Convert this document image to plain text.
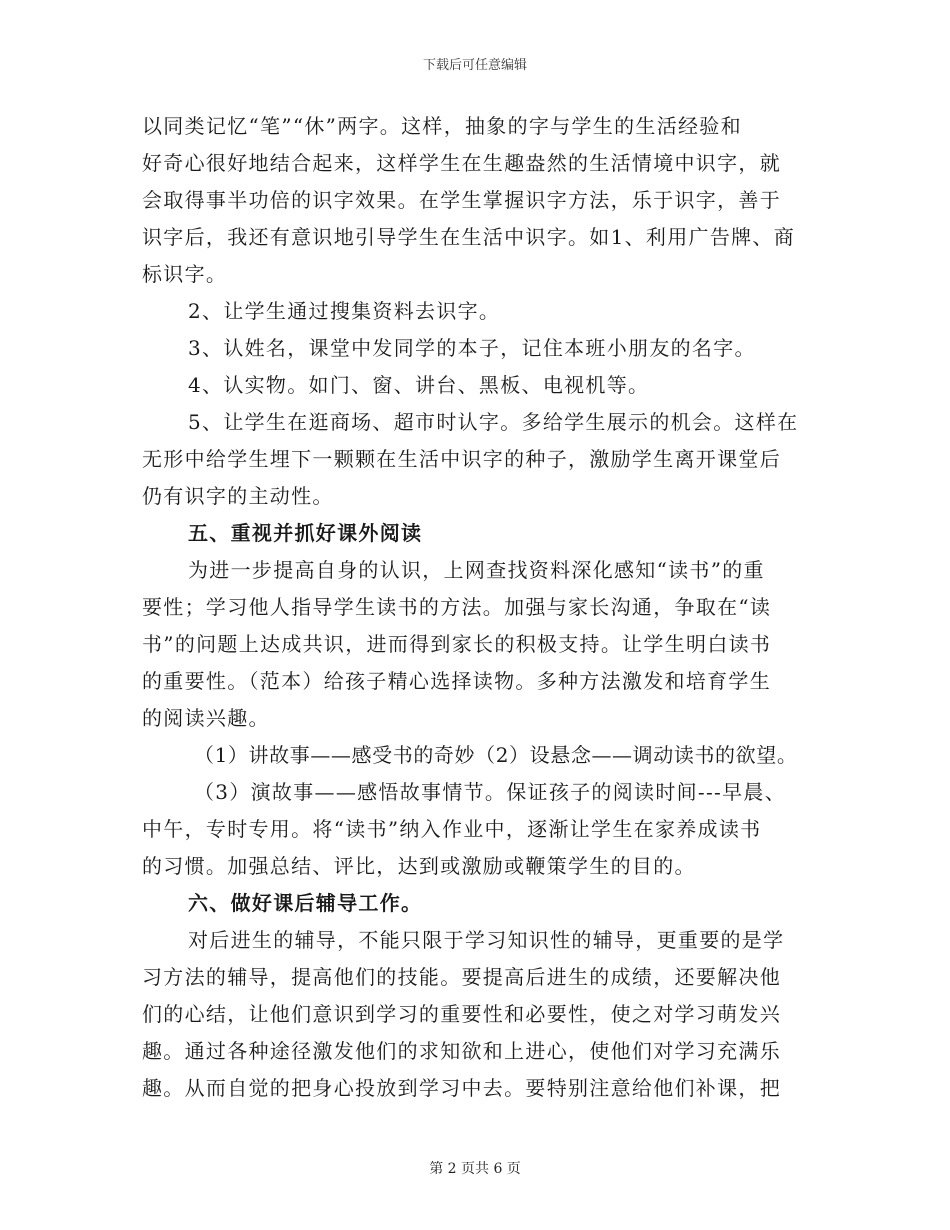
下载后可任意编辑
以同类记忆“笔”“休”两字。这样，抽象的字与学生的生活经验和
好奇心很好地结合起来，这样学生在生趣盎然的生活情境中识字，就
会取得事半功倍的识字效果。在学生掌握识字方法，乐于识字，善于
识字后，我还有意识地引导学生在生活中识字。如1、利用广告牌、商
标识字。
2、让学生通过搜集资料去识字。
3、认姓名，课堂中发同学的本子，记住本班小朋友的名字。
4、认实物。如门、窗、讲台、黑板、电视机等。
5、让学生在逛商场、超市时认字。多给学生展示的机会。这样在
无形中给学生埋下一颗颗在生活中识字的种子，激励学生离开课堂后
仍有识字的主动性。
五、重视并抓好课外阅读
为进一步提高自身的认识，上网查找资料深化感知“读书”的重
要性；学习他人指导学生读书的方法。加强与家长沟通，争取在“读
书”的问题上达成共识，进而得到家长的积极支持。让学生明白读书
的重要性。（范本）给孩子精心选择读物。多种方法激发和培育学生
的阅读兴趣。
（1）讲故事——感受书的奇妙（2）设悬念——调动读书的欲望。
（3）演故事——感悟故事情节。保证孩子的阅读时间---早晨、
中午，专时专用。将“读书”纳入作业中，逐渐让学生在家养成读书
的习惯。加强总结、评比，达到或激励或鞭策学生的目的。
六、做好课后辅导工作。
对后进生的辅导，不能只限于学习知识性的辅导，更重要的是学
习方法的辅导，提高他们的技能。要提高后进生的成绩，还要解决他
们的心结，让他们意识到学习的重要性和必要性，使之对学习萌发兴
趣。通过各种途径激发他们的求知欲和上进心，使他们对学习充满乐
趣。从而自觉的把身心投放到学习中去。要特别注意给他们补课，把
第 2 页共 6 页
